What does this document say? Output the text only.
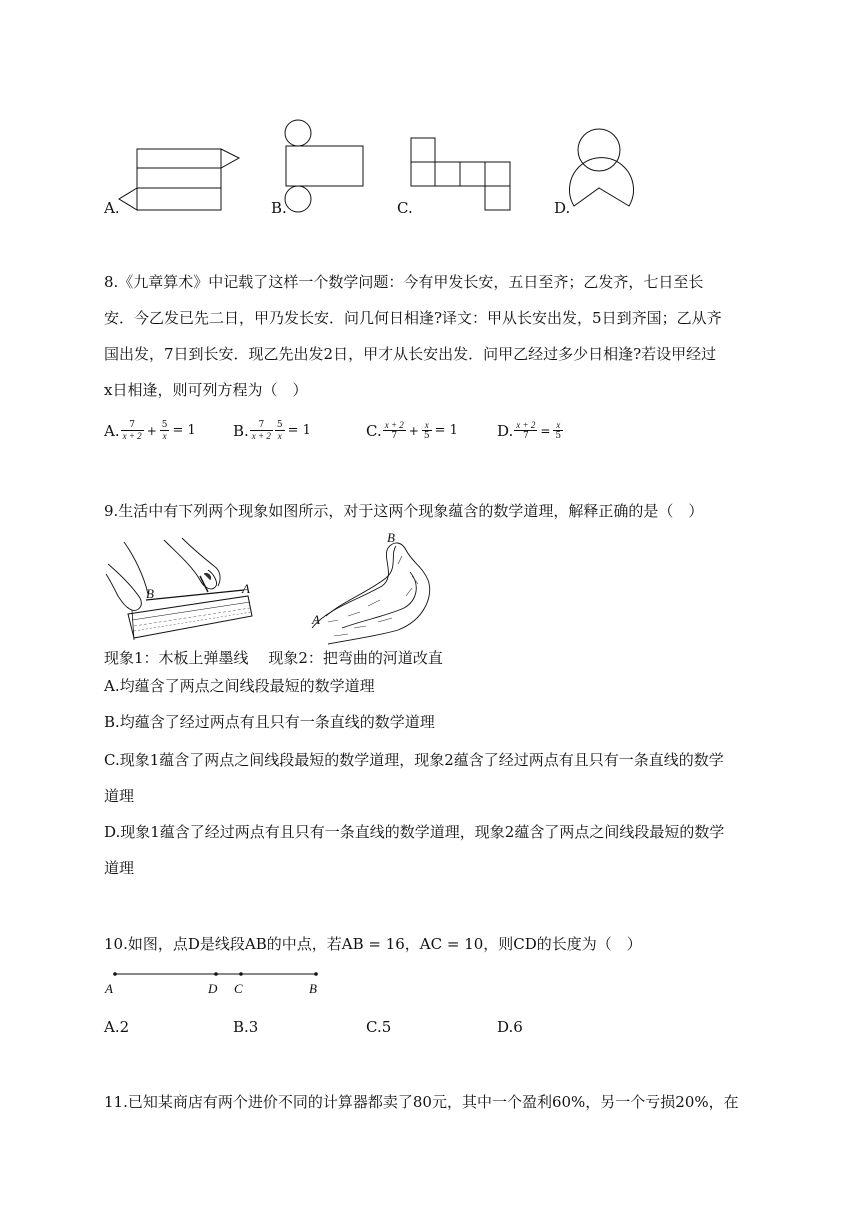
A.	B.	C.	D.
8.《九章算术》中记载了这样一个数学问题：今有甲发长安，五日至齐；乙发齐，七日至长
安．今乙发已先二日，甲乃发长安．问几何日相逢?译文：甲从长安出发，5日到齐国；乙从齐
国出发，7日到长安．现乙先出发2日，甲才从长安出发．问甲乙经过多少日相逢?若设甲经过
x日相逢，则可列方程为（　）
A. $\frac{7}{x + 2} + \frac{5}{x} = 1$ B. $\frac{7}{x + 2} \frac{5}{x} = 1$	C. $\frac{x + 2}{7} + \frac{x}{5} = 1$	D. $\frac{x + 2}{7} = \frac{x}{5}$
9.生活中有下列两个现象如图所示，对于这两个现象蕴含的数学道理，解释正确的是（　）
B	A
B
A
现象1：木板上弹墨线　 现象2：把弯曲的河道改直
A.均蕴含了两点之间线段最短的数学道理
B.均蕴含了经过两点有且只有一条直线的数学道理
C.现象1蕴含了两点之间线段最短的数学道理，现象2蕴含了经过两点有且只有一条直线的数学
道理
D.现象1蕴含了经过两点有且只有一条直线的数学道理，现象2蕴含了两点之间线段最短的数学
道理
10.如图，点D是线段AB的中点，若AB = 16，AC = 10，则CD的长度为（　）
A	D C	B
A.2	B.3	C.5	D.6
11.已知某商店有两个进价不同的计算器都卖了80元，其中一个盈利60%，另一个亏损20%，在
